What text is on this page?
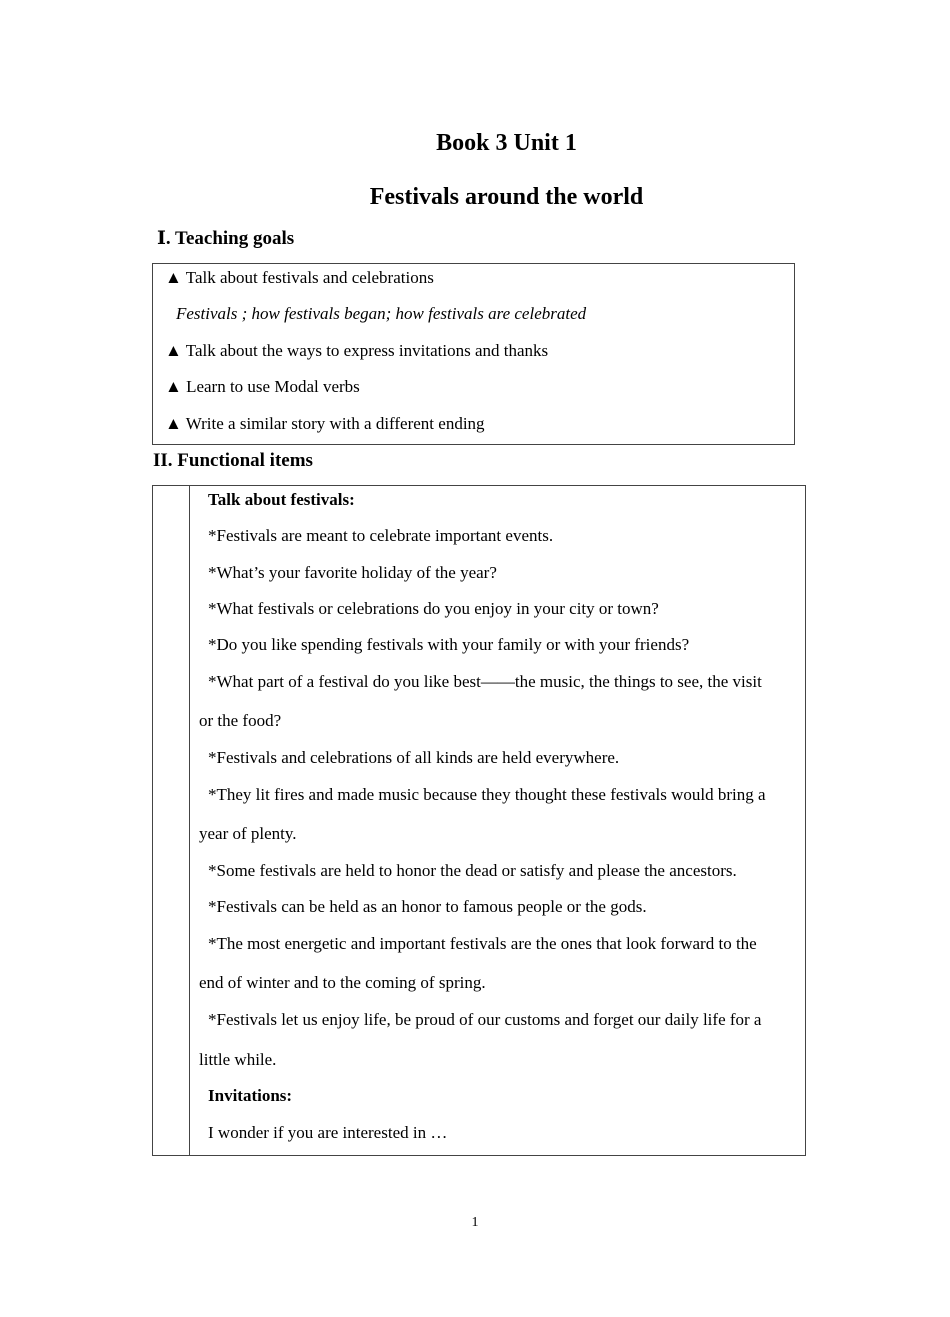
Book 3 Unit 1
Festivals around the world
Ⅰ. Teaching goals
▲ Talk about festivals and celebrations
Festivals ; how festivals began; how festivals are celebrated
▲ Talk about the ways to express invitations and thanks
▲ Learn to use Modal verbs
▲ Write a similar story with a different ending
II. Functional items
Talk about festivals:
*Festivals are meant to celebrate important events.
*What’s your favorite holiday of the year?
*What festivals or celebrations do you enjoy in your city or town?
*Do you like spending festivals with your family or with your friends?
*What part of a festival do you like best——the music, the things to see, the visit
or the food?
*Festivals and celebrations of all kinds are held everywhere.
*They lit fires and made music because they thought these festivals would bring a
year of plenty.
*Some festivals are held to honor the dead or satisfy and please the ancestors.
*Festivals can be held as an honor to famous people or the gods.
*The most energetic and important festivals are the ones that look forward to the
end of winter and to the coming of spring.
*Festivals let us enjoy life, be proud of our customs and forget our daily life for a
little while.
Invitations:
I wonder if you are interested in …
1
